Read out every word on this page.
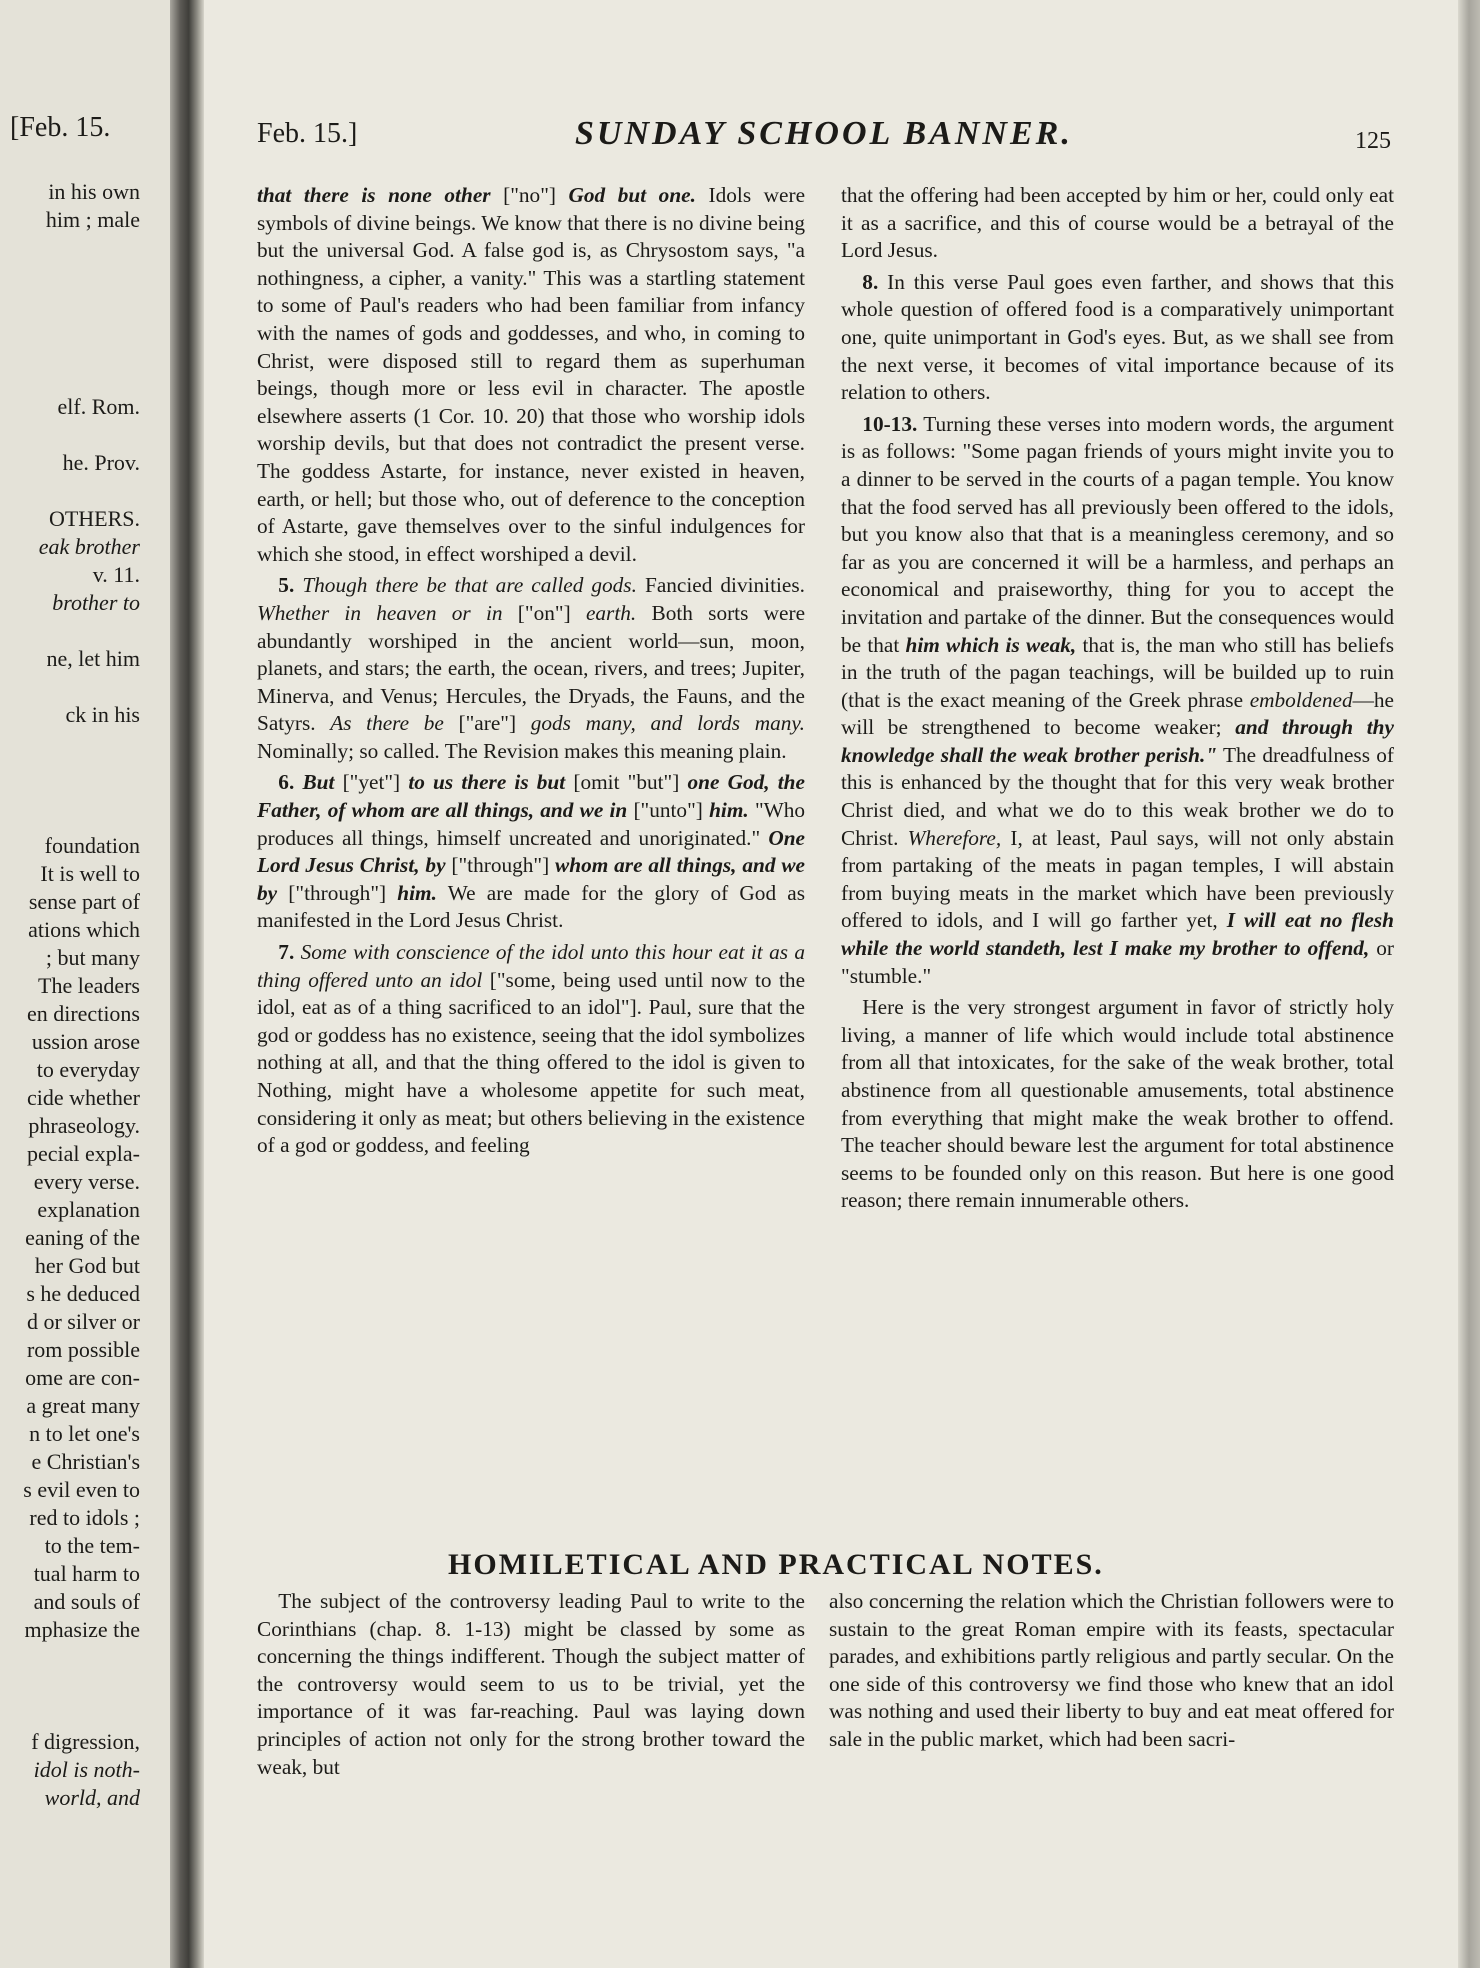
[Feb. 15.
in his own
him ; male
elf. Rom.
he. Prov.
OTHERS.
eak brother
v. 11.
brother to
ne, let him
ck in his
foundation
It is well to
sense part of
ations which
; but many
The leaders
en directions
ussion arose
to everyday
cide whether
phraseology.
pecial expla-
every verse.
explanation
eaning of the
her God but
s he deduced
d or silver or
rom possible
ome are con-
a great many
n to let one's
e Christian's
s evil even to
red to idols ;
to the tem-
tual harm to
and souls of
mphasize the
f digression,
idol is noth-
world, and
Feb. 15.]	SUNDAY SCHOOL BANNER.	125

that there is none other ["no"] God but one. Idols were symbols of divine beings. We know that there is no divine being but the universal God. A false god is, as Chrysostom says, "a nothingness, a cipher, a vanity." This was a startling statement to some of Paul's readers who had been familiar from infancy with the names of gods and goddesses, and who, in coming to Christ, were disposed still to regard them as superhuman beings, though more or less evil in character. The apostle elsewhere asserts (1 Cor. 10. 20) that those who worship idols worship devils, but that does not contradict the present verse. The goddess Astarte, for instance, never existed in heaven, earth, or hell; but those who, out of deference to the conception of Astarte, gave themselves over to the sinful indulgences for which she stood, in effect worshiped a devil.

 5. Though there be that are called gods. Fancied divinities. Whether in heaven or in ["on"] earth. Both sorts were abundantly worshiped in the ancient world—sun, moon, planets, and stars; the earth, the ocean, rivers, and trees; Jupiter, Minerva, and Venus; Hercules, the Dryads, the Fauns, and the Satyrs. As there be ["are"] gods many, and lords many. Nominally; so called. The Revision makes this meaning plain.

 6. But ["yet"] to us there is but [omit "but"] one God, the Father, of whom are all things, and we in ["unto"] him. "Who produces all things, himself uncreated and unoriginated." One Lord Jesus Christ, by ["through"] whom are all things, and we by ["through"] him. We are made for the glory of God as manifested in the Lord Jesus Christ.

 7. Some with conscience of the idol unto this hour eat it as a thing offered unto an idol ["some, being used until now to the idol, eat as of a thing sacrificed to an idol"]. Paul, sure that the god or goddess has no existence, seeing that the idol symbolizes nothing at all, and that the thing offered to the idol is given to Nothing, might have a wholesome appetite for such meat, considering it only as meat; but others believing in the existence of a god or goddess, and feeling

that the offering had been accepted by him or her, could only eat it as a sacrifice, and this of course would be a betrayal of the Lord Jesus.

 8. In this verse Paul goes even farther, and shows that this whole question of offered food is a comparatively unimportant one, quite unimportant in God's eyes. But, as we shall see from the next verse, it becomes of vital importance because of its relation to others.

 10-13. Turning these verses into modern words, the argument is as follows: "Some pagan friends of yours might invite you to a dinner to be served in the courts of a pagan temple. You know that the food served has all previously been offered to the idols, but you know also that that is a meaningless ceremony, and so far as you are concerned it will be a harmless, and perhaps an economical and praiseworthy, thing for you to accept the invitation and partake of the dinner. But the consequences would be that him which is weak, that is, the man who still has beliefs in the truth of the pagan teachings, will be builded up to ruin (that is the exact meaning of the Greek phrase emboldened—he will be strengthened to become weaker; and through thy knowledge shall the weak brother perish." The dreadfulness of this is enhanced by the thought that for this very weak brother Christ died, and what we do to this weak brother we do to Christ. Wherefore, I, at least, Paul says, will not only abstain from partaking of the meats in pagan temples, I will abstain from buying meats in the market which have been previously offered to idols, and I will go farther yet, I will eat no flesh while the world standeth, lest I make my brother to offend, or "stumble."

 Here is the very strongest argument in favor of strictly holy living, a manner of life which would include total abstinence from all that intoxicates, for the sake of the weak brother, total abstinence from all questionable amusements, total abstinence from everything that might make the weak brother to offend. The teacher should beware lest the argument for total abstinence seems to be founded only on this reason. But here is one good reason; there remain innumerable others.

HOMILETICAL AND PRACTICAL NOTES.

 The subject of the controversy leading Paul to write to the Corinthians (chap. 8. 1-13) might be classed by some as concerning the things indifferent. Though the subject matter of the controversy would seem to us to be trivial, yet the importance of it was far-reaching. Paul was laying down principles of action not only for the strong brother toward the weak, but

also concerning the relation which the Christian followers were to sustain to the great Roman empire with its feasts, spectacular parades, and exhibitions partly religious and partly secular. On the one side of this controversy we find those who knew that an idol was nothing and used their liberty to buy and eat meat offered for sale in the public market, which had been sacri-
